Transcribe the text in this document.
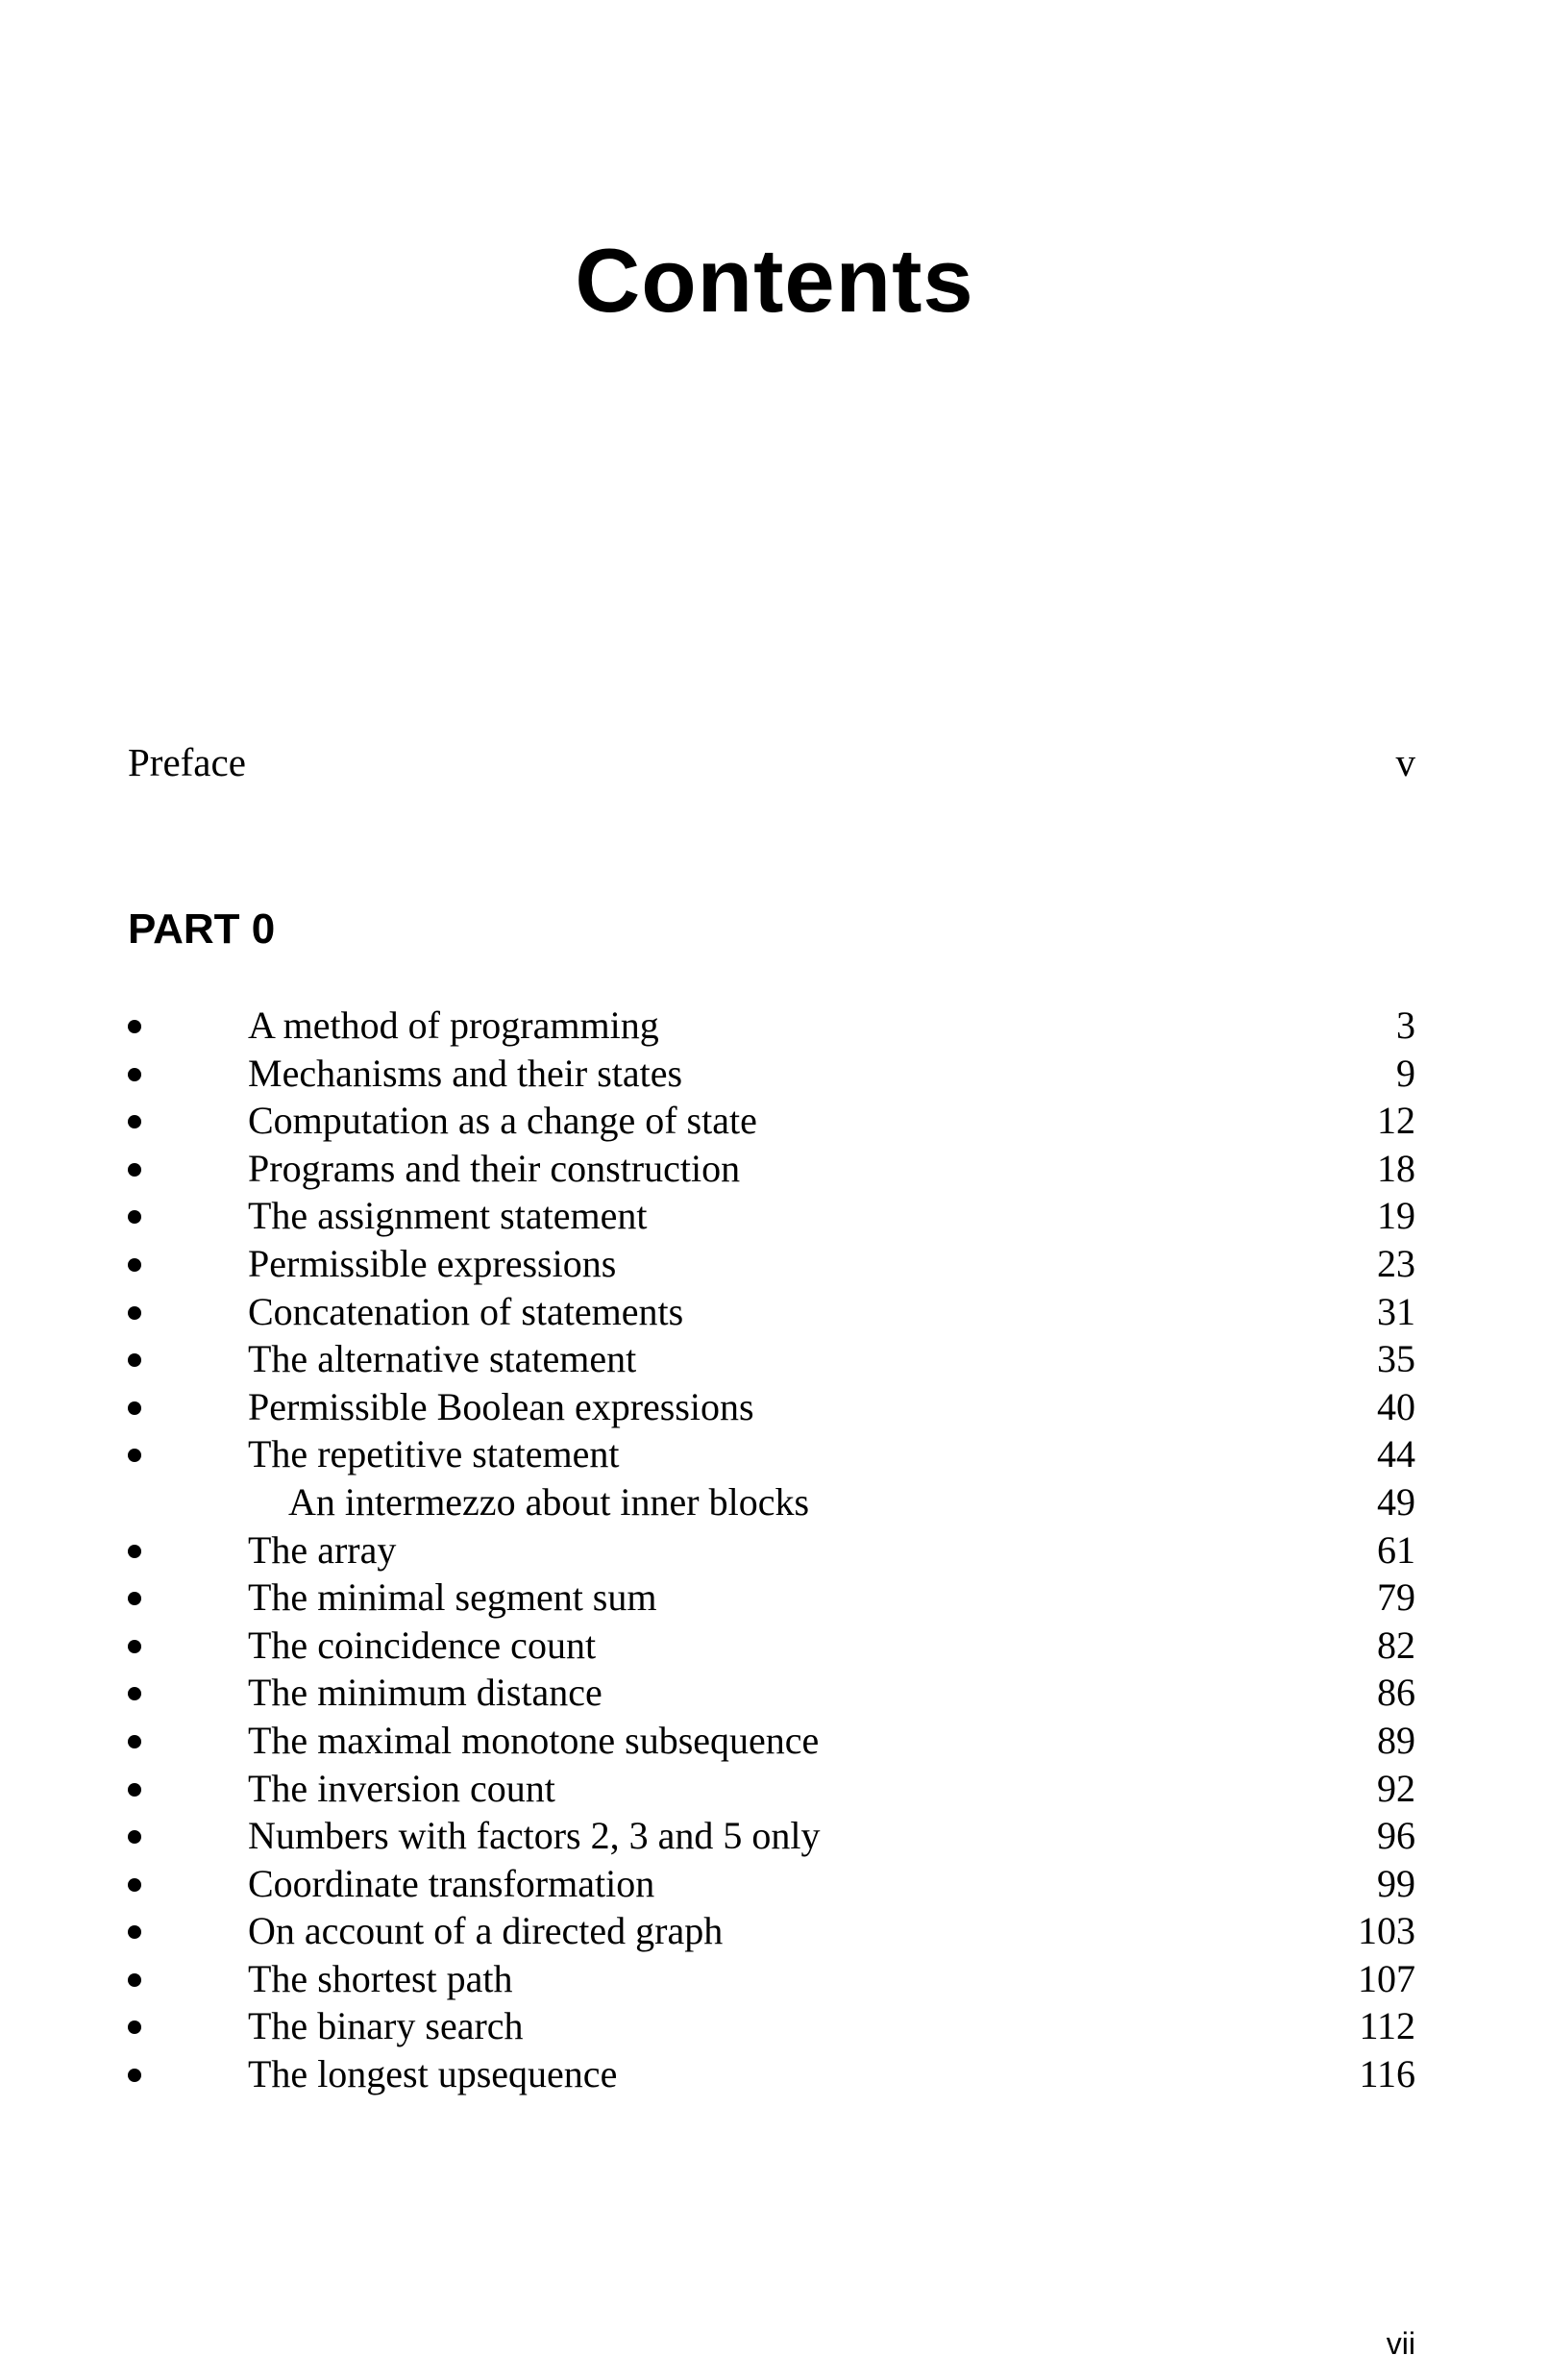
Contents
Preface	v
PART 0
A method of programming	3
Mechanisms and their states	9
Computation as a change of state	12
Programs and their construction	18
The assignment statement	19
Permissible expressions	23
Concatenation of statements	31
The alternative statement	35
Permissible Boolean expressions	40
The repetitive statement	44
An intermezzo about inner blocks	49
The array	61
The minimal segment sum	79
The coincidence count	82
The minimum distance	86
The maximal monotone subsequence	89
The inversion count	92
Numbers with factors 2, 3 and 5 only	96
Coordinate transformation	99
On account of a directed graph	103
The shortest path	107
The binary search	112
The longest upsequence	116
vii
